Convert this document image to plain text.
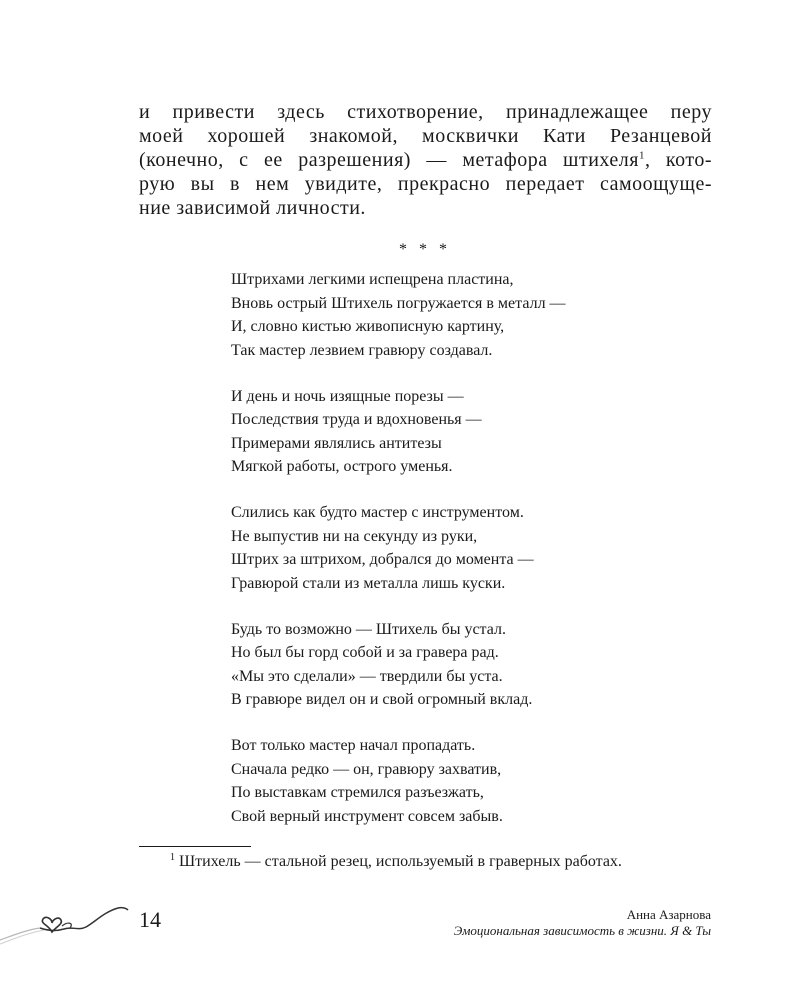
и привести здесь стихотворение, принадлежащее перу
моей хорошей знакомой, москвички Кати Резанцевой
(конечно, с ее разрешения) — метафора штихеля$^1$, кото-
рую вы в нем увидите, прекрасно передает самоощуще-
ние зависимой личности.
* * *
Штрихами легкими испещрена пластина,
Вновь острый Штихель погружается в металл —
И, словно кистью живописную картину,
Так мастер лезвием гравюру создавал.
И день и ночь изящные порезы —
Последствия труда и вдохновенья —
Примерами являлись антитезы
Мягкой работы, острого уменья.
Слились как будто мастер с инструментом.
Не выпустив ни на секунду из руки,
Штрих за штрихом, добрался до момента —
Гравюрой стали из металла лишь куски.
Будь то возможно — Штихель бы устал.
Но был бы горд собой и за гравера рад.
«Мы это сделали» — твердили бы уста.
В гравюре видел он и свой огромный вклад.
Вот только мастер начал пропадать.
Сначала редко — он, гравюру захватив,
По выставкам стремился разъезжать,
Свой верный инструмент совсем забыв.
$^1$ Штихель — стальной резец, используемый в граверных работах.
14	Анна Азарнова
Эмоциональная зависимость в жизни. Я & Ты
